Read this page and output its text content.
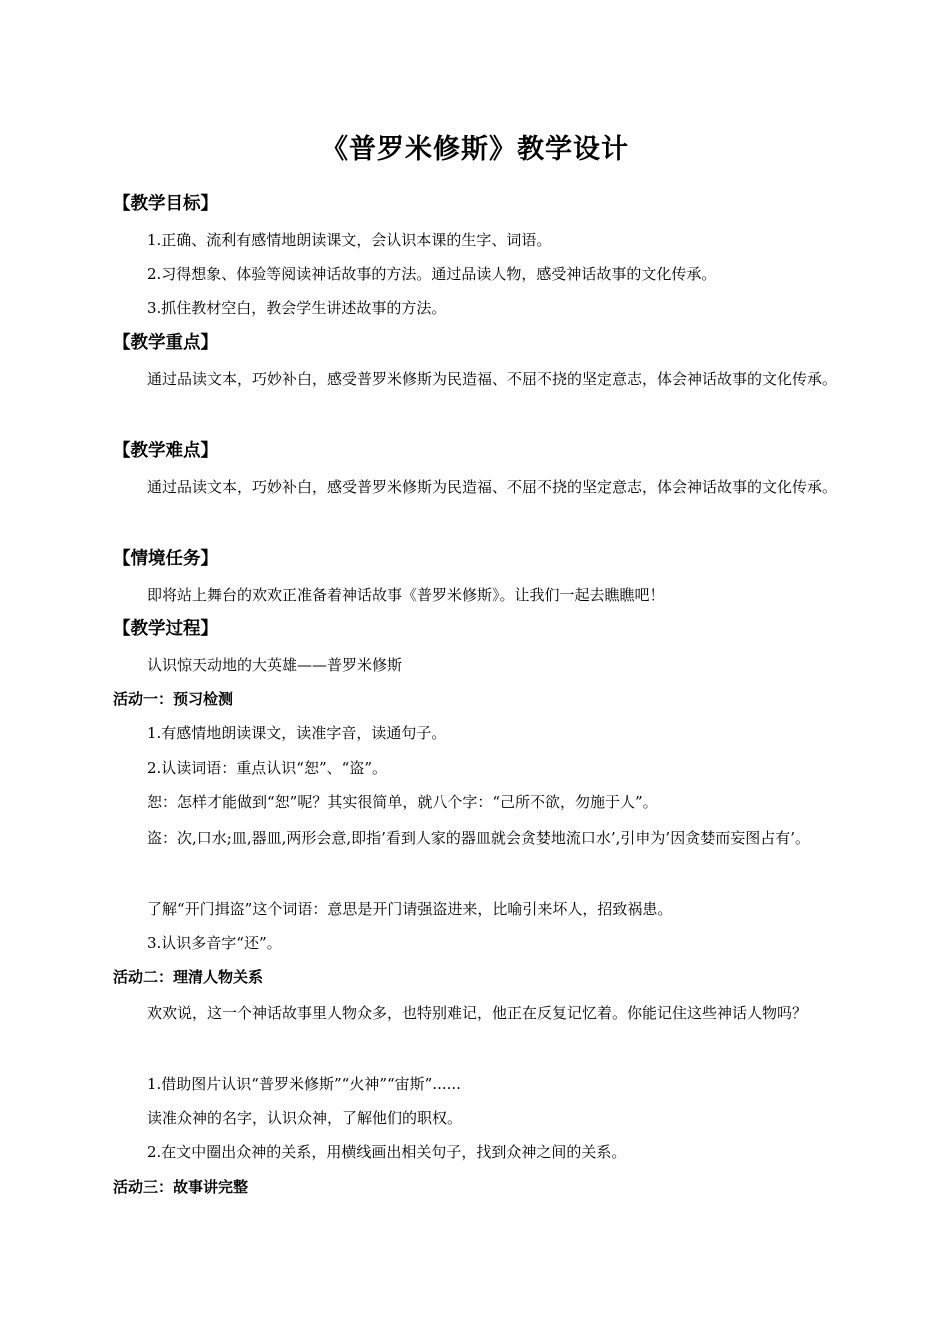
《普罗米修斯》教学设计
【教学目标】
1.正确、流利有感情地朗读课文，会认识本课的生字、词语。
2.习得想象、体验等阅读神话故事的方法。通过品读人物，感受神话故事的文化传承。
3.抓住教材空白，教会学生讲述故事的方法。
【教学重点】

通过品读文本，巧妙补白，感受普罗米修斯为民造福、不屈不挠的坚定意志，体会神话故事的文化传承。

【教学难点】

通过品读文本，巧妙补白，感受普罗米修斯为民造福、不屈不挠的坚定意志，体会神话故事的文化传承。

【情境任务】
即将站上舞台的欢欢正准备着神话故事《普罗米修斯》。让我们一起去瞧瞧吧！
【教学过程】
认识惊天动地的大英雄——普罗米修斯
活动一：预习检测
1.有感情地朗读课文，读准字音，读通句子。
2.认读词语：重点认识“恕”、“盗”。
恕：怎样才能做到“恕”呢？其实很简单，就八个字：“己所不欲，勿施于人”。

盗：次,口水;皿,器皿,两形会意,即指’看到人家的器皿就会贪婪地流口水’,引申为’因贪婪而妄图占有’。

了解“开门揖盗”这个词语：意思是开门请强盗进来，比喻引来坏人，招致祸患。
3.认识多音字“还”。
活动二：理清人物关系

欢欢说，这一个神话故事里人物众多，也特别难记，他正在反复记忆着。你能记住这些神话人物吗？

1.借助图片认识“普罗米修斯”“火神”“宙斯”......
读准众神的名字，认识众神，了解他们的职权。
2.在文中圈出众神的关系，用横线画出相关句子，找到众神之间的关系。
活动三：故事讲完整
